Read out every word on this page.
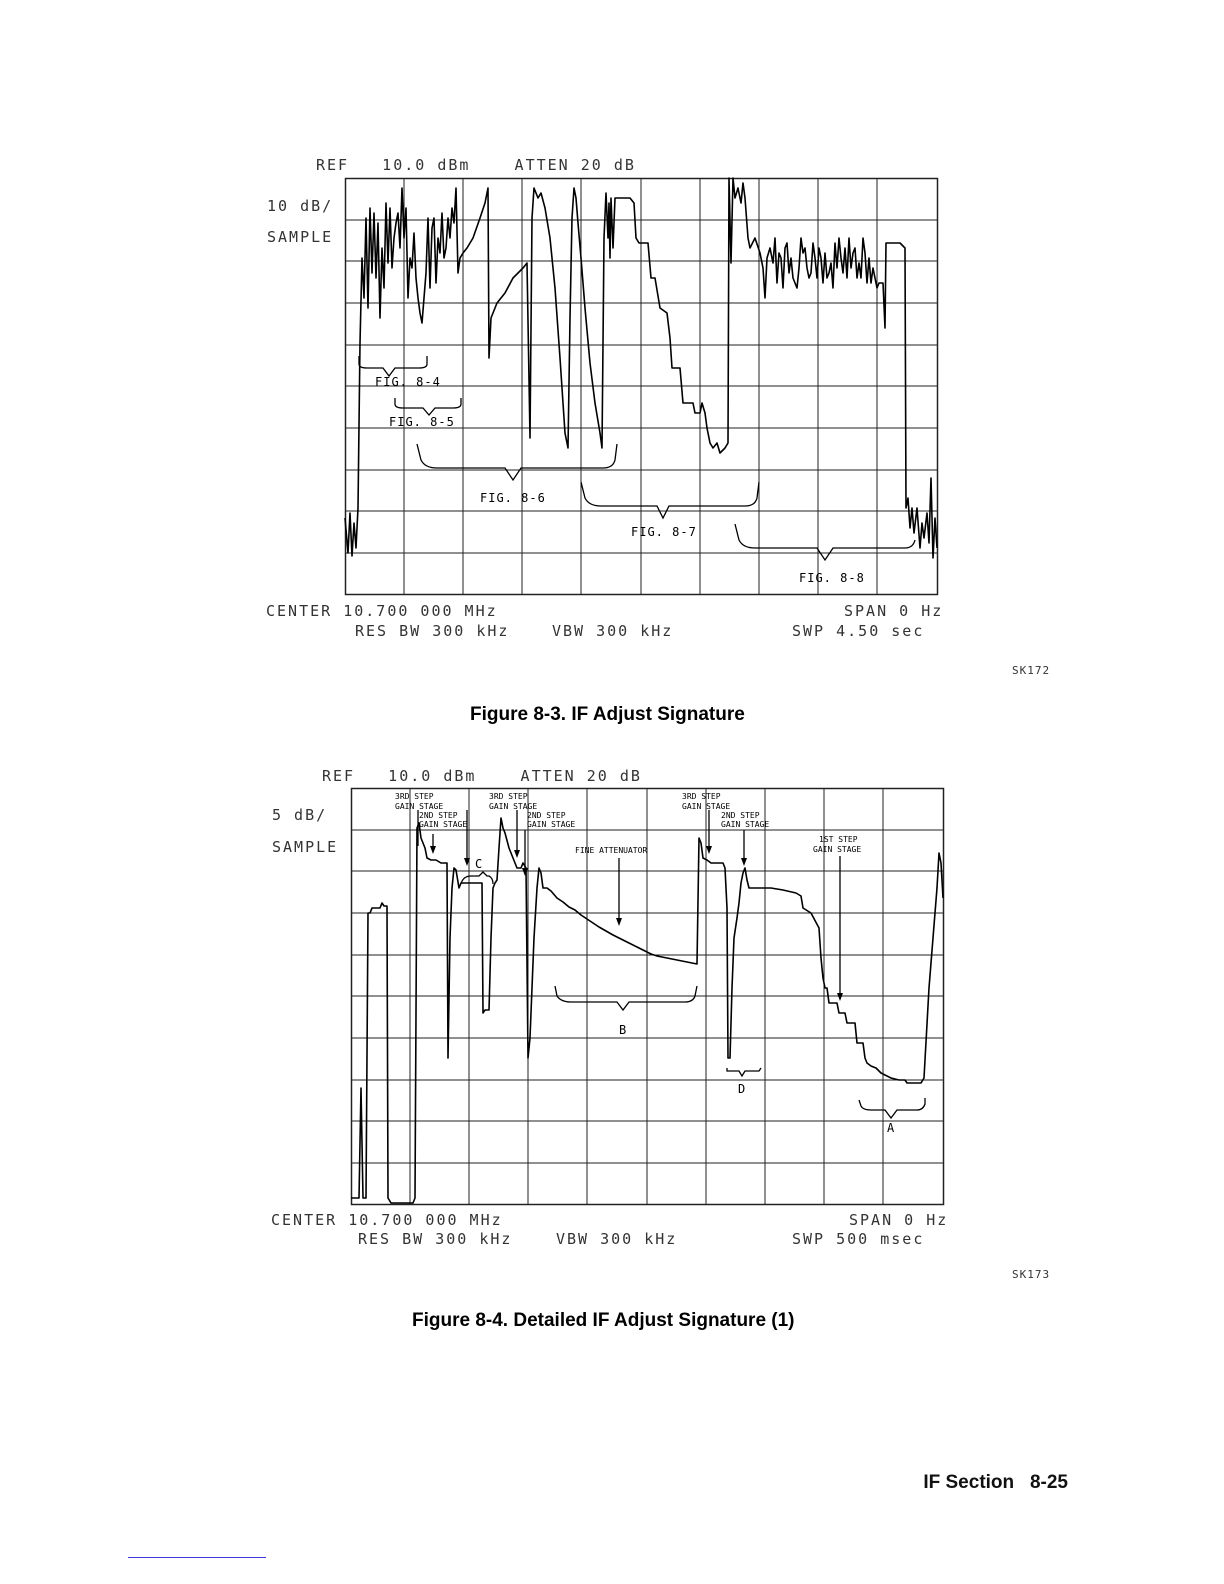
REF   10.0 dBm    ATTEN 20 dB
10 dB/
SAMPLE
FIG. 8-4
FIG. 8-5
FIG. 8-6
FIG. 8-7
FIG. 8-8
CENTER 10.700 000 MHz	SPAN 0 Hz
RES BW 300 kHz	VBW 300 kHz	SWP 4.50 sec
SK172
Figure 8-3. IF Adjust Signature
REF   10.0 dBm    ATTEN 20 dB
5 dB/
SAMPLE
3RD STEP
GAIN STAGE
3RD STEP
GAIN STAGE
3RD STEP
GAIN STAGE
2ND STEP
GAIN STAGE
2ND STEP
GAIN STAGE
2ND STEP
GAIN STAGE
1ST STEP
GAIN STAGE
FINE ATTENUATOR
C
B
D
A
CENTER 10.700 000 MHz	SPAN 0 Hz
RES BW 300 kHz	VBW 300 kHz	SWP 500 msec
SK173
Figure 8-4. Detailed IF Adjust Signature (1)
IF Section   8-25
